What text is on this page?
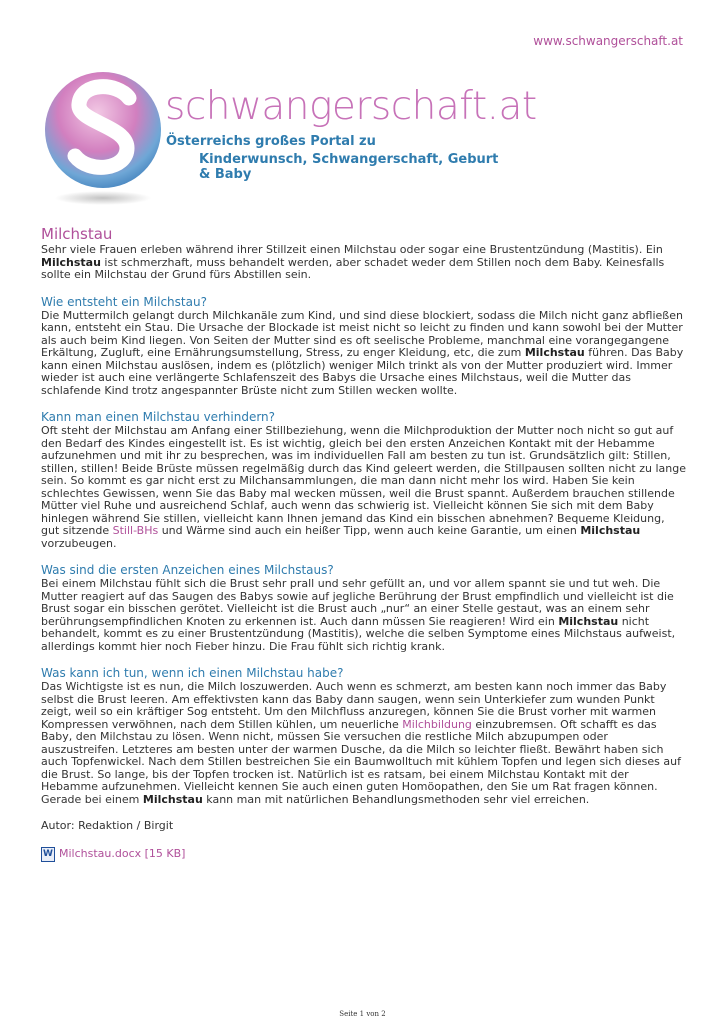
www.schwangerschaft.at
schwangerschaft.at
Österreichs großes Portal zu
Kinderwunsch, Schwangerschaft, Geburt & Baby
Milchstau

Sehr viele Frauen erleben während ihrer Stillzeit einen Milchstau oder sogar eine Brustentzündung (Mastitis). Ein Milchstau ist schmerzhaft, muss behandelt werden, aber schadet weder dem Stillen noch dem Baby. Keinesfalls sollte ein Milchstau der Grund fürs Abstillen sein.

Wie entsteht ein Milchstau?

Die Muttermilch gelangt durch Milchkanäle zum Kind, und sind diese blockiert, sodass die Milch nicht ganz abfließen kann, entsteht ein Stau. Die Ursache der Blockade ist meist nicht so leicht zu finden und kann sowohl bei der Mutter als auch beim Kind liegen. Von Seiten der Mutter sind es oft seelische Probleme, manchmal eine vorangegangene Erkältung, Zugluft, eine Ernährungsumstellung, Stress, zu enger Kleidung, etc, die zum Milchstau führen. Das Baby kann einen Milchstau auslösen, indem es (plötzlich) weniger Milch trinkt als von der Mutter produziert wird. Immer wieder ist auch eine verlängerte Schlafenszeit des Babys die Ursache eines Milchstaus, weil die Mutter das schlafende Kind trotz angespannter Brüste nicht zum Stillen wecken wollte.

Kann man einen Milchstau verhindern?

Oft steht der Milchstau am Anfang einer Stillbeziehung, wenn die Milchproduktion der Mutter noch nicht so gut auf den Bedarf des Kindes eingestellt ist. Es ist wichtig, gleich bei den ersten Anzeichen Kontakt mit der Hebamme aufzunehmen und mit ihr zu besprechen, was im individuellen Fall am besten zu tun ist. Grundsätzlich gilt: Stillen, stillen, stillen! Beide Brüste müssen regelmäßig durch das Kind geleert werden, die Stillpausen sollten nicht zu lange sein. So kommt es gar nicht erst zu Milchansammlungen, die man dann nicht mehr los wird. Haben Sie kein schlechtes Gewissen, wenn Sie das Baby mal wecken müssen, weil die Brust spannt. Außerdem brauchen stillende Mütter viel Ruhe und ausreichend Schlaf, auch wenn das schwierig ist. Vielleicht können Sie sich mit dem Baby hinlegen während Sie stillen, vielleicht kann Ihnen jemand das Kind ein bisschen abnehmen? Bequeme Kleidung, gut sitzende Still-BHs und Wärme sind auch ein heißer Tipp, wenn auch keine Garantie, um einen Milchstau vorzubeugen.

Was sind die ersten Anzeichen eines Milchstaus?

Bei einem Milchstau fühlt sich die Brust sehr prall und sehr gefüllt an, und vor allem spannt sie und tut weh. Die Mutter reagiert auf das Saugen des Babys sowie auf jegliche Berührung der Brust empfindlich und vielleicht ist die Brust sogar ein bisschen gerötet. Vielleicht ist die Brust auch „nur“ an einer Stelle gestaut, was an einem sehr berührungsempfindlichen Knoten zu erkennen ist. Auch dann müssen Sie reagieren! Wird ein Milchstau nicht behandelt, kommt es zu einer Brustentzündung (Mastitis), welche die selben Symptome eines Milchstaus aufweist, allerdings kommt hier noch Fieber hinzu. Die Frau fühlt sich richtig krank.

Was kann ich tun, wenn ich einen Milchstau habe?

Das Wichtigste ist es nun, die Milch loszuwerden. Auch wenn es schmerzt, am besten kann noch immer das Baby selbst die Brust leeren. Am effektivsten kann das Baby dann saugen, wenn sein Unterkiefer zum wunden Punkt zeigt, weil so ein kräftiger Sog entsteht. Um den Milchfluss anzuregen, können Sie die Brust vorher mit warmen Kompressen verwöhnen, nach dem Stillen kühlen, um neuerliche Milchbildung einzubremsen. Oft schafft es das Baby, den Milchstau zu lösen. Wenn nicht, müssen Sie versuchen die restliche Milch abzupumpen oder auszustreifen. Letzteres am besten unter der warmen Dusche, da die Milch so leichter fließt. Bewährt haben sich auch Topfenwickel. Nach dem Stillen bestreichen Sie ein Baumwolltuch mit kühlem Topfen und legen sich dieses auf die Brust. So lange, bis der Topfen trocken ist. Natürlich ist es ratsam, bei einem Milchstau Kontakt mit der Hebamme aufzunehmen. Vielleicht kennen Sie auch einen guten Homöopathen, den Sie um Rat fragen können. Gerade bei einem Milchstau kann man mit natürlichen Behandlungsmethoden sehr viel erreichen.

Autor: Redaktion / Birgit

W Milchstau.docx [15 KB]
Seite 1 von 2
